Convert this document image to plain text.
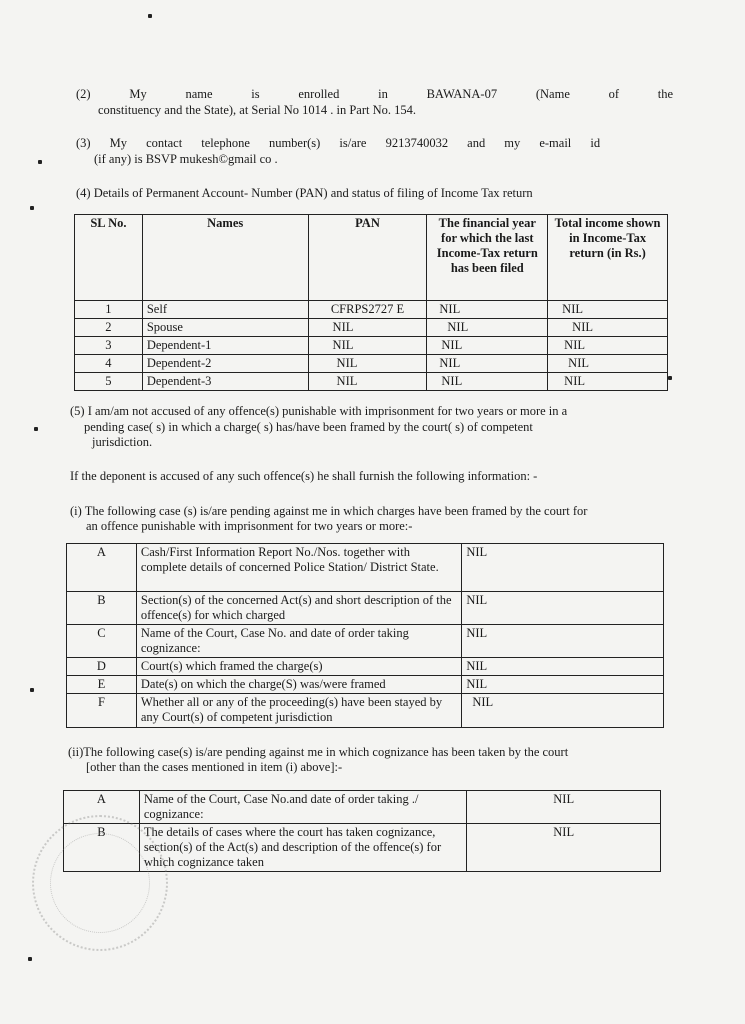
(2)	My	name	is	enrolled	in	BAWANA-07	(Name	of	the
constituency and the State), at Serial No 1014 . in Part No. 154.
(3) My contact telephone number(s) is/are 9213740032 and my e-mail id
(if any) is BSVP mukesh©gmail co .
(4) Details of Permanent Account- Number (PAN) and status of filing of Income Tax return
SL No.	Names	PAN	The financial year for which the last Income-Tax return has been filed	Total income shown in Income-Tax return (in Rs.)
1	Self	CFRPS2727 E	NIL	NIL
2	Spouse	NIL	NIL	NIL
3	Dependent-1	NIL	NIL	NIL
4	Dependent-2	NIL	NIL	NIL
5	Dependent-3	NIL	NIL	NIL
(5) I am/am not accused of any offence(s) punishable with imprisonment for two years or more in a
pending case( s) in which a charge( s) has/have been framed by the court( s) of competent
jurisdiction.
If the deponent is accused of any such offence(s) he shall furnish the following information: -
(i) The following case (s) is/are pending against me in which charges have been framed by the court for
an offence punishable with imprisonment for two years or more:-
A	Cash/First Information Report No./Nos. together with complete details of concerned Police Station/ District State.	NIL
B	Section(s) of the concerned Act(s) and short description of the offence(s) for which charged	NIL
C	Name of the Court, Case No. and date of order taking cognizance:	NIL
D	Court(s) which framed the charge(s)	NIL
E	Date(s) on which the charge(S) was/were framed	NIL
F	Whether all or any of the proceeding(s) have been stayed by any Court(s) of competent jurisdiction	NIL
(ii)The following case(s) is/are pending against me in which cognizance has been taken by the court
[other than the cases mentioned in item (i) above]:-
A	Name of the Court, Case No.and date of order taking ./ cognizance:	NIL
B	The details of cases where the court has taken cognizance, section(s) of the Act(s) and description of the offence(s) for which cognizance taken	NIL
